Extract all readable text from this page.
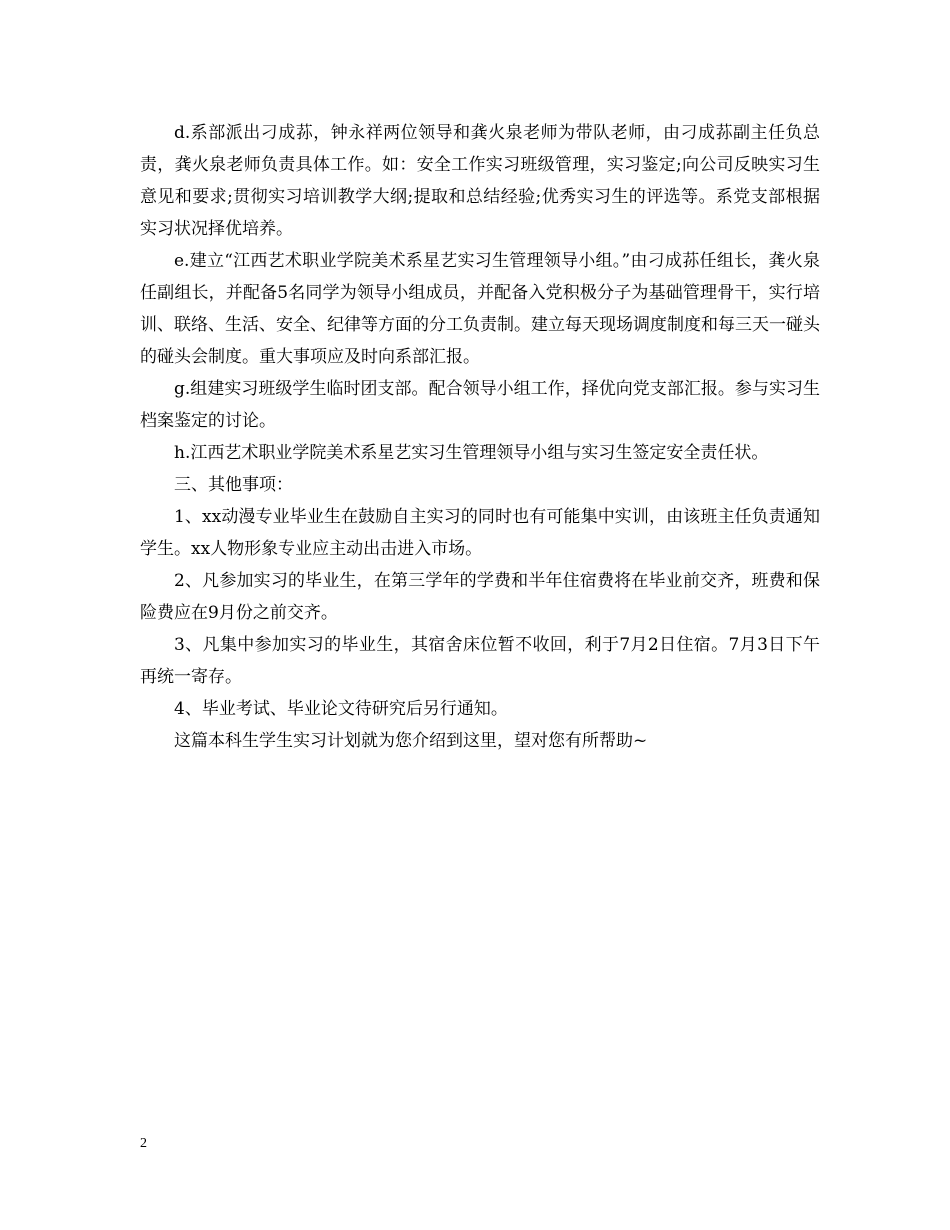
d.系部派出刁成荪，钟永祥两位领导和龚火泉老师为带队老师，由刁成荪副主任负总责，龚火泉老师负责具体工作。如：安全工作实习班级管理，实习鉴定;向公司反映实习生意见和要求;贯彻实习培训教学大纲;提取和总结经验;优秀实习生的评选等。系党支部根据实习状况择优培养。

e.建立“江西艺术职业学院美术系星艺实习生管理领导小组。”由刁成荪任组长，龚火泉任副组长，并配备5名同学为领导小组成员，并配备入党积极分子为基础管理骨干，实行培训、联络、生活、安全、纪律等方面的分工负责制。建立每天现场调度制度和每三天一碰头的碰头会制度。重大事项应及时向系部汇报。

g.组建实习班级学生临时团支部。配合领导小组工作，择优向党支部汇报。参与实习生档案鉴定的讨论。

h.江西艺术职业学院美术系星艺实习生管理领导小组与实习生签定安全责任状。

三、其他事项：

1、xx动漫专业毕业生在鼓励自主实习的同时也有可能集中实训，由该班主任负责通知学生。xx人物形象专业应主动出击进入市场。

2、凡参加实习的毕业生，在第三学年的学费和半年住宿费将在毕业前交齐，班费和保险费应在9月份之前交齐。

3、凡集中参加实习的毕业生，其宿舍床位暂不收回，利于7月2日住宿。7月3日下午再统一寄存。

4、毕业考试、毕业论文待研究后另行通知。

这篇本科生学生实习计划就为您介绍到这里，望对您有所帮助~

2
